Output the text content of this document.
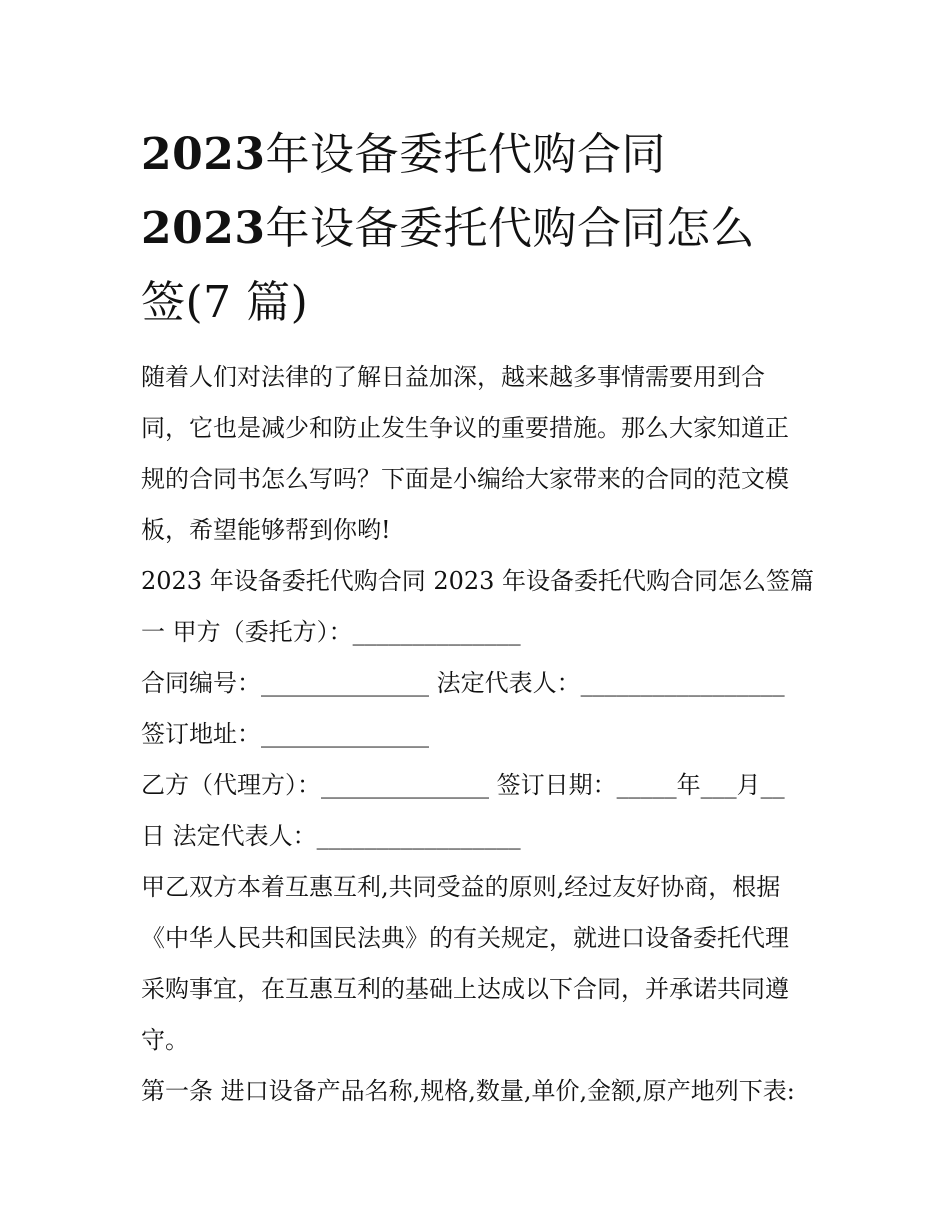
2023年设备委托代购合同
2023年设备委托代购合同怎么
签(7 篇)
随着人们对法律的了解日益加深，越来越多事情需要用到合
同，它也是减少和防止发生争议的重要措施。那么大家知道正
规的合同书怎么写吗？下面是小编给大家带来的合同的范文模
板，希望能够帮到你哟!
2023 年设备委托代购合同 2023 年设备委托代购合同怎么签篇
一 甲方（委托方）：______________
合同编号：______________ 法定代表人：_________________
签订地址：______________
乙方（代理方）：______________ 签订日期：_____年___月__
日 法定代表人：_________________
甲乙双方本着互惠互利,共同受益的原则,经过友好协商，根据
《中华人民共和国民法典》的有关规定，就进口设备委托代理
采购事宜，在互惠互利的基础上达成以下合同，并承诺共同遵
守。
第一条 进口设备产品名称,规格,数量,单价,金额,原产地列下表:
